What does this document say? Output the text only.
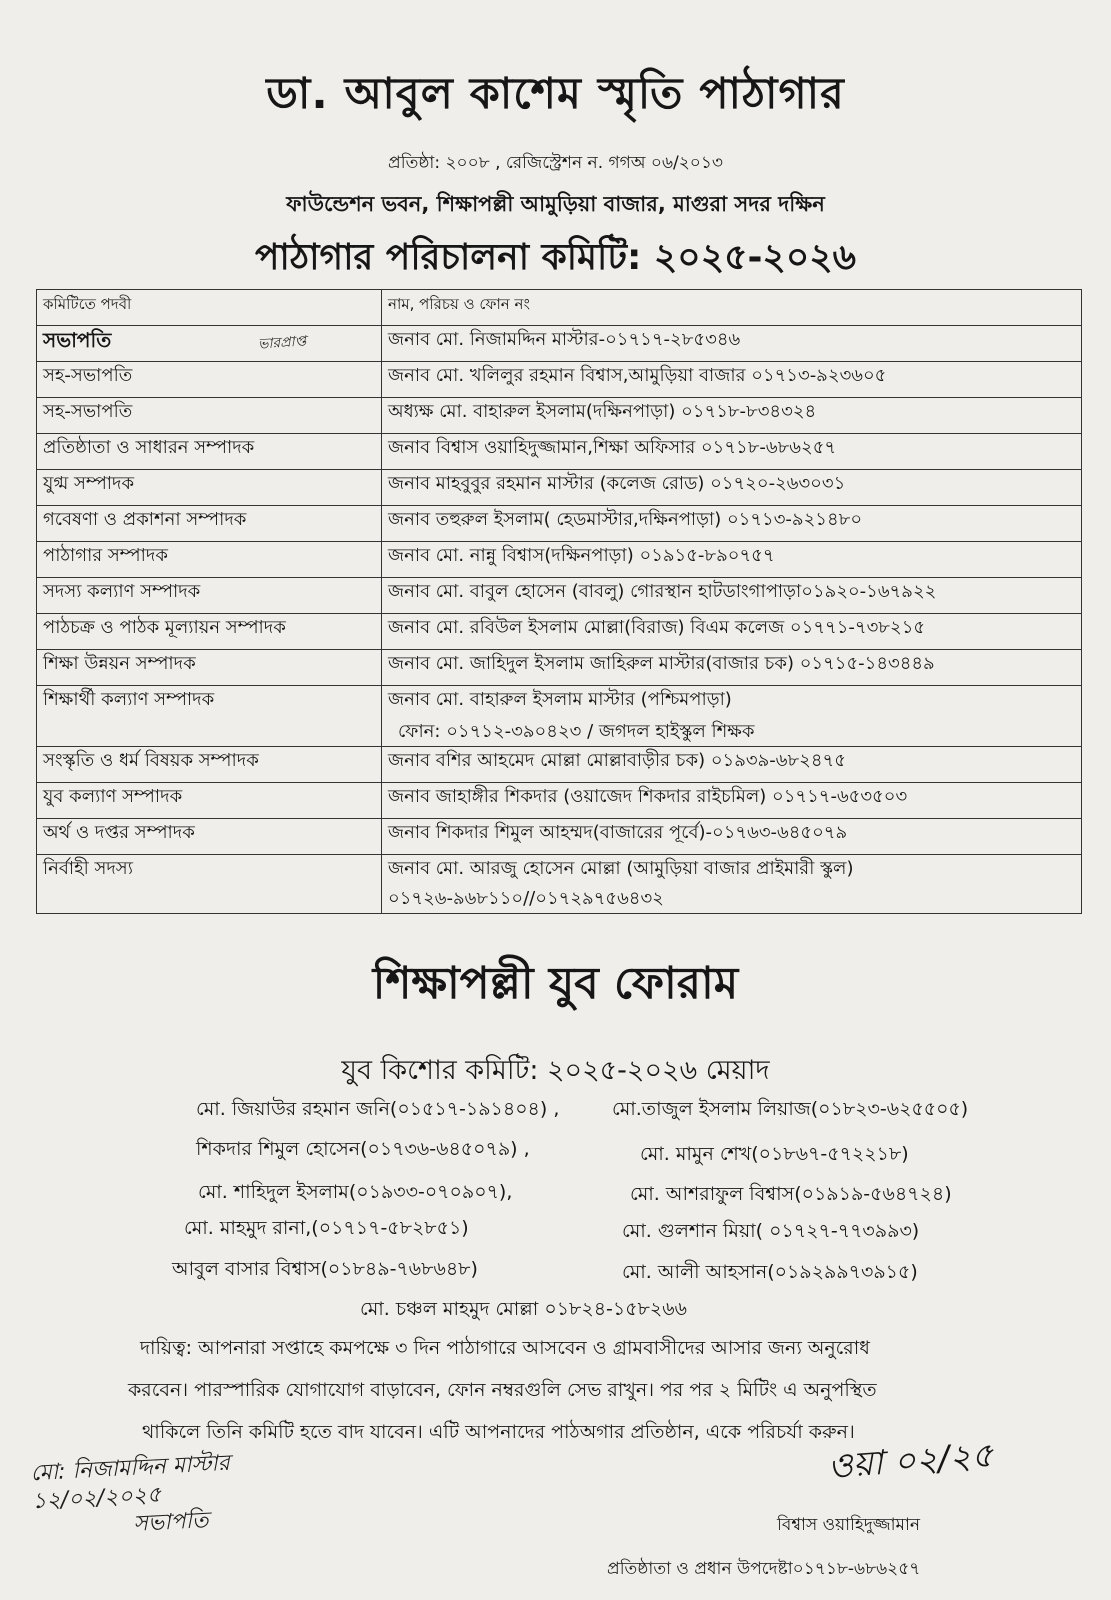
ডা. আবুল কাশেম স্মৃতি পাঠাগার
প্রতিষ্ঠা: ২০০৮ , রেজিস্ট্রেশন ন. গগঅ ০৬/২০১৩
ফাউন্ডেশন ভবন, শিক্ষাপল্লী আমুড়িয়া বাজার, মাগুরা সদর দক্ষিন
পাঠাগার পরিচালনা কমিটি: ২০২৫-২০২৬
কমিটিতে পদবী	নাম, পরিচয় ও ফোন নং
সভাপতি	জনাব মো. নিজামদ্দিন মাস্টার-০১৭১৭-২৮৫৩৪৬
সহ-সভাপতি	জনাব মো. খলিলুর রহমান বিশ্বাস,আমুড়িয়া বাজার ০১৭১৩-৯২৩৬০৫
সহ-সভাপতি	অধ্যক্ষ মো. বাহারুল ইসলাম(দক্ষিনপাড়া) ০১৭১৮-৮৩৪৩২৪
প্রতিষ্ঠাতা ও সাধারন সম্পাদক	জনাব বিশ্বাস ওয়াহিদুজ্জামান,শিক্ষা অফিসার ০১৭১৮-৬৮৬২৫৭
যুগ্ম সম্পাদক	জনাব মাহবুবুর রহমান মাস্টার (কলেজ রোড) ০১৭২০-২৬৩০৩১
গবেষণা ও প্রকাশনা সম্পাদক	জনাব তহুরুল ইসলাম( হেডমাস্টার,দক্ষিনপাড়া) ০১৭১৩-৯২১৪৮০
পাঠাগার সম্পাদক	জনাব মো. নান্নু বিশ্বাস(দক্ষিনপাড়া) ০১৯১৫-৮৯০৭৫৭
সদস্য কল্যাণ সম্পাদক	জনাব মো. বাবুল হোসেন (বাবলু) গোরস্থান হাটডাংগাপাড়া০১৯২০-১৬৭৯২২
পাঠচক্র ও পাঠক মূল্যায়ন সম্পাদক	জনাব মো. রবিউল ইসলাম মোল্লা(বিরাজ) বিএম কলেজ ০১৭৭১-৭৩৮২১৫
শিক্ষা উন্নয়ন সম্পাদক	জনাব মো. জাহিদুল ইসলাম জাহিরুল মাস্টার(বাজার চক) ০১৭১৫-১৪৩৪৪৯
শিক্ষার্থী কল্যাণ সম্পাদক	জনাব মো. বাহারুল ইসলাম মাস্টার (পশ্চিমপাড়া)
ফোন: ০১৭১২-৩৯০৪২৩ / জগদল হাইস্কুল শিক্ষক

সংস্কৃতি ও ধর্ম বিষয়ক সম্পাদক	জনাব বশির আহমেদ মোল্লা মোল্লাবাড়ীর চক) ০১৯৩৯-৬৮২৪৭৫
যুব কল্যাণ সম্পাদক	জনাব জাহাঙ্গীর শিকদার (ওয়াজেদ শিকদার রাইচমিল) ০১৭১৭-৬৫৩৫০৩
অর্থ ও দপ্তর সম্পাদক	জনাব শিকদার শিমুল আহম্মদ(বাজারের পূর্বে)-০১৭৬৩-৬৪৫০৭৯
নির্বাহী সদস্য	জনাব মো. আরজু হোসেন মোল্লা (আমুড়িয়া বাজার প্রাইমারী স্কুল)
০১৭২৬-৯৬৮১১০//০১৭২৯৭৫৬৪৩২
ভারপ্রাপ্ত
শিক্ষাপল্লী যুব ফোরাম
যুব কিশোর কমিটি: ২০২৫-২০২৬ মেয়াদ
মো. জিয়াউর রহমান জনি(০১৫১৭-১৯১৪০৪) ,	মো.তাজুল ইসলাম লিয়াজ(০১৮২৩-৬২৫৫০৫)
শিকদার শিমুল হোসেন(০১৭৩৬-৬৪৫০৭৯) ,	মো. মামুন শেখ(০১৮৬৭-৫৭২২১৮)
মো. শাহিদুল ইসলাম(০১৯৩৩-০৭০৯০৭),	মো. আশরাফুল বিশ্বাস(০১৯১৯-৫৬৪৭২৪)
মো. মাহমুদ রানা,(০১৭১৭-৫৮২৮৫১)	মো. গুলশান মিয়া( ০১৭২৭-৭৭৩৯৯৩)
আবুল বাসার বিশ্বাস(০১৮৪৯-৭৬৮৬৪৮)	মো. আলী আহসান(০১৯২৯৯৭৩৯১৫)
মো. চঞ্চল মাহমুদ মোল্লা ০১৮২৪-১৫৮২৬৬
দায়িত্ব: আপনারা সপ্তাহে কমপক্ষে ৩ দিন পাঠাগারে আসবেন ও গ্রামবাসীদের আসার জন্য অনুরোধ
করবেন। পারস্পারিক যোগাযোগ বাড়াবেন, ফোন নম্বরগুলি সেভ রাখুন। পর পর ২ মিটিং এ অনুপস্থিত
থাকিলে তিনি কমিটি হতে বাদ যাবেন। এটি আপনাদের পাঠঅগার প্রতিষ্ঠান, একে পরিচর্যা করুন।
মো: নিজামদ্দিন মাস্টার
১২/০২/২০২৫
সভাপতি
ওয়া ০২/২৫
বিশ্বাস ওয়াহিদুজ্জামান
প্রতিষ্ঠাতা ও প্রধান উপদেষ্টা০১৭১৮-৬৮৬২৫৭
